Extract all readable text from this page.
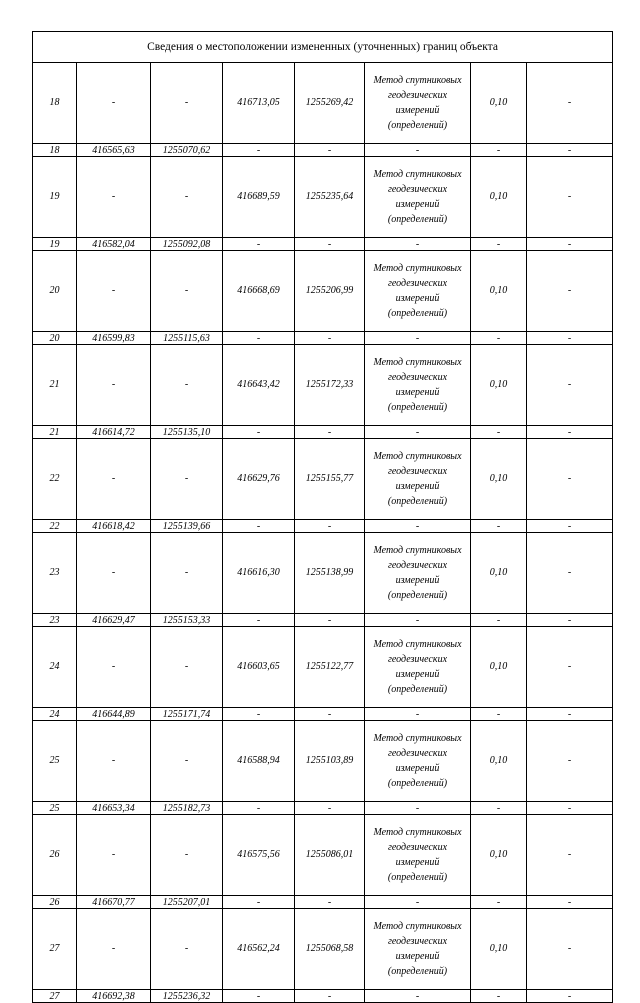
Сведения о местоположении измененных (уточненных) границ объекта							
18	-	-	416713,05	1255269,42	Метод спутниковых геодезических измерений (определений)	0,10	-
18	416565,63	1255070,62	-	-	-	-	-
19	-	-	416689,59	1255235,64	Метод спутниковых геодезических измерений (определений)	0,10	-
19	416582,04	1255092,08	-	-	-	-	-
20	-	-	416668,69	1255206,99	Метод спутниковых геодезических измерений (определений)	0,10	-
20	416599,83	1255115,63	-	-	-	-	-
21	-	-	416643,42	1255172,33	Метод спутниковых геодезических измерений (определений)	0,10	-
21	416614,72	1255135,10	-	-	-	-	-
22	-	-	416629,76	1255155,77	Метод спутниковых геодезических измерений (определений)	0,10	-
22	416618,42	1255139,66	-	-	-	-	-
23	-	-	416616,30	1255138,99	Метод спутниковых геодезических измерений (определений)	0,10	-
23	416629,47	1255153,33	-	-	-	-	-
24	-	-	416603,65	1255122,77	Метод спутниковых геодезических измерений (определений)	0,10	-
24	416644,89	1255171,74	-	-	-	-	-
25	-	-	416588,94	1255103,89	Метод спутниковых геодезических измерений (определений)	0,10	-
25	416653,34	1255182,73	-	-	-	-	-
26	-	-	416575,56	1255086,01	Метод спутниковых геодезических измерений (определений)	0,10	-
26	416670,77	1255207,01	-	-	-	-	-
27	-	-	416562,24	1255068,58	Метод спутниковых геодезических измерений (определений)	0,10	-
27	416692,38	1255236,32	-	-	-	-	-
